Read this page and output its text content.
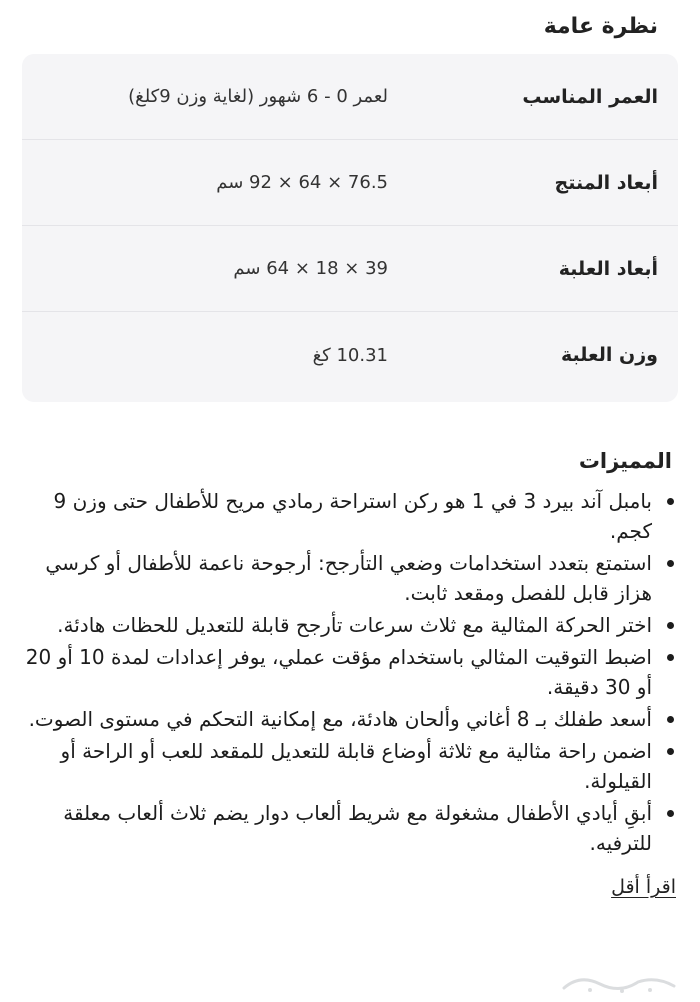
نظرة عامة
العمر المناسب
لعمر 0 - 6 شهور (لغاية وزن 9كلغ)
أبعاد المنتج
76.5 × 64 × 92 سم
أبعاد العلبة
39 × 18 × 64 سم
وزن العلبة
10.31 كغ
المميزات
بامبل آند بيرد 3 في 1 هو ركن استراحة رمادي مريح للأطفال حتى وزن 9 كجم.
استمتع بتعدد استخدامات وضعي التأرجح: أرجوحة ناعمة للأطفال أو كرسي هزاز قابل للفصل ومقعد ثابت.
اختر الحركة المثالية مع ثلاث سرعات تأرجح قابلة للتعديل للحظات هادئة.
اضبط التوقيت المثالي باستخدام مؤقت عملي، يوفر إعدادات لمدة 10 أو 20 أو 30 دقيقة.
أسعد طفلك بـ 8 أغاني وألحان هادئة، مع إمكانية التحكم في مستوى الصوت.
اضمن راحة مثالية مع ثلاثة أوضاع قابلة للتعديل للمقعد للعب أو الراحة أو القيلولة.
أبقِ أيادي الأطفال مشغولة مع شريط ألعاب دوار يضم ثلاث ألعاب معلقة للترفيه.
اقرأ أقل
